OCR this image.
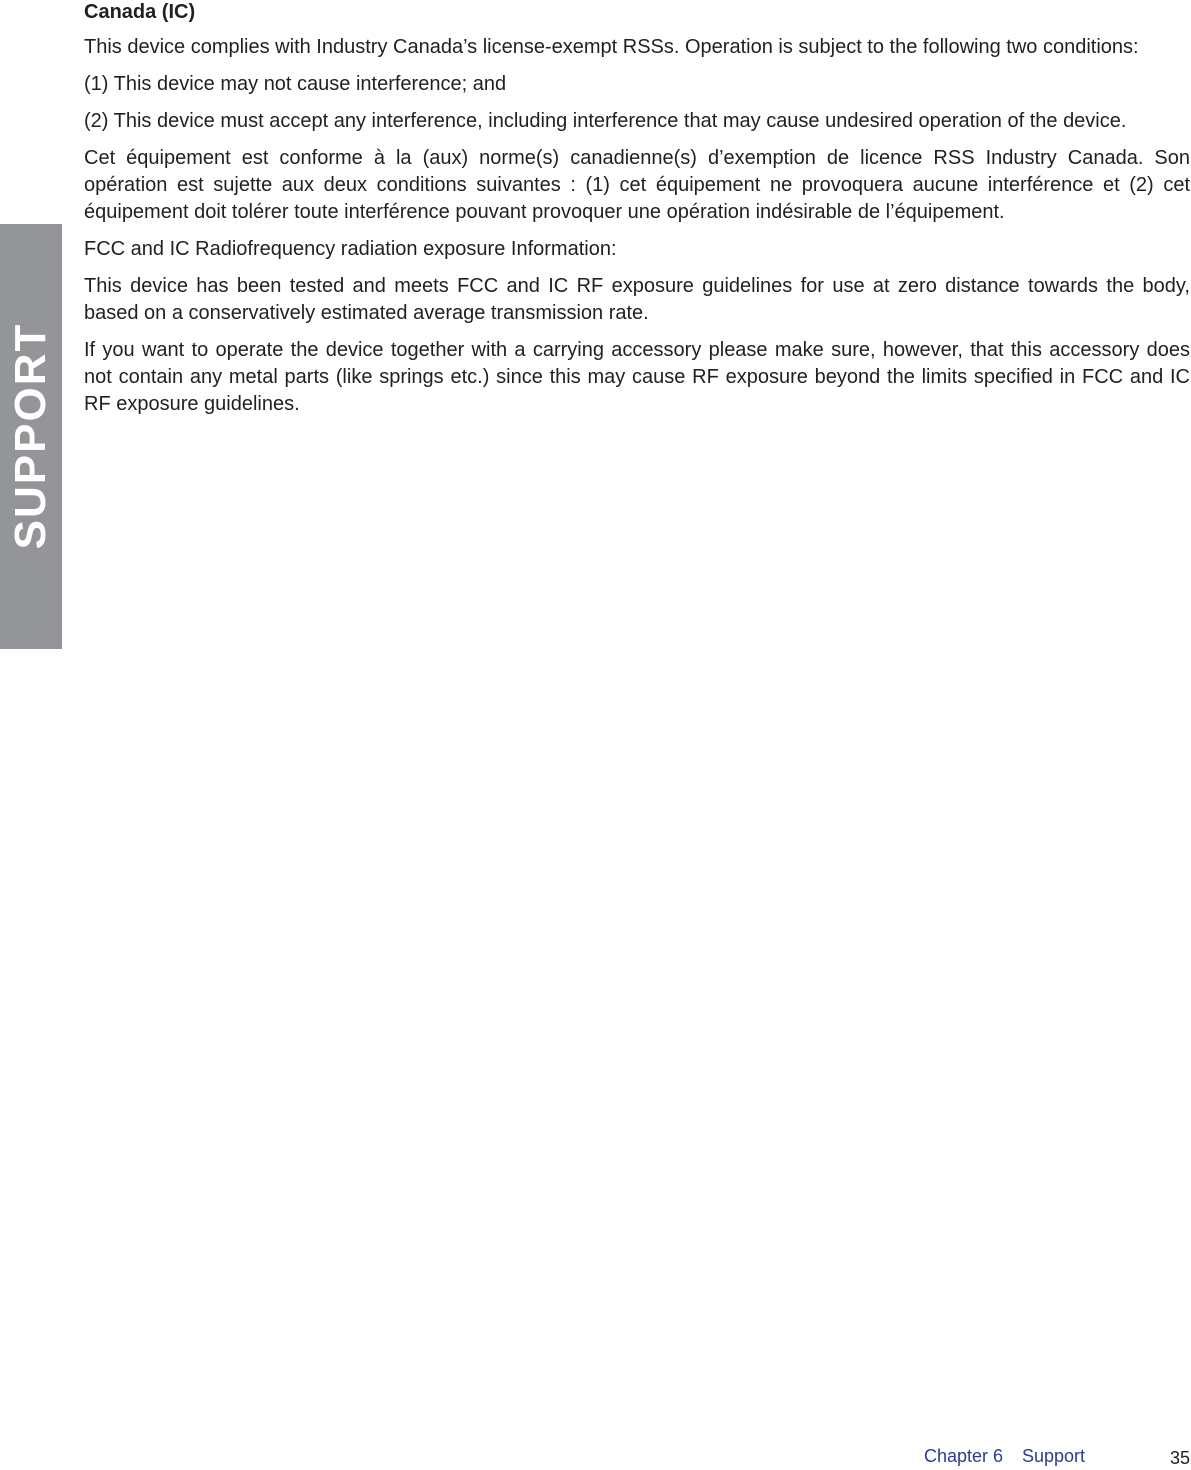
SUPPORT
Canada (IC)

This device complies with Industry Canada’s license-exempt RSSs. Operation is subject to the following two conditions:

(1) This device may not cause interference; and

(2) This device must accept any interference, including interference that may cause undesired operation of the device.

Cet équipement est conforme à la (aux) norme(s) canadienne(s) d’exemption de licence RSS Industry Canada. Son opération est sujette aux deux conditions suivantes : (1) cet équipement ne provoquera aucune interférence et (2) cet équipement doit tolérer toute interférence pouvant provoquer une opération indésirable de l’équipement.

FCC and IC Radiofrequency radiation exposure Information:

This device has been tested and meets FCC and IC RF exposure guidelines for use at zero distance towards the body, based on a conservatively estimated average transmission rate.

If you want to operate the device together with a carrying accessory please make sure, however, that this accessory does not contain any metal parts (like springs etc.) since this may cause RF exposure beyond the limits specified in FCC and IC RF exposure guidelines.

Chapter 6 Support	35
